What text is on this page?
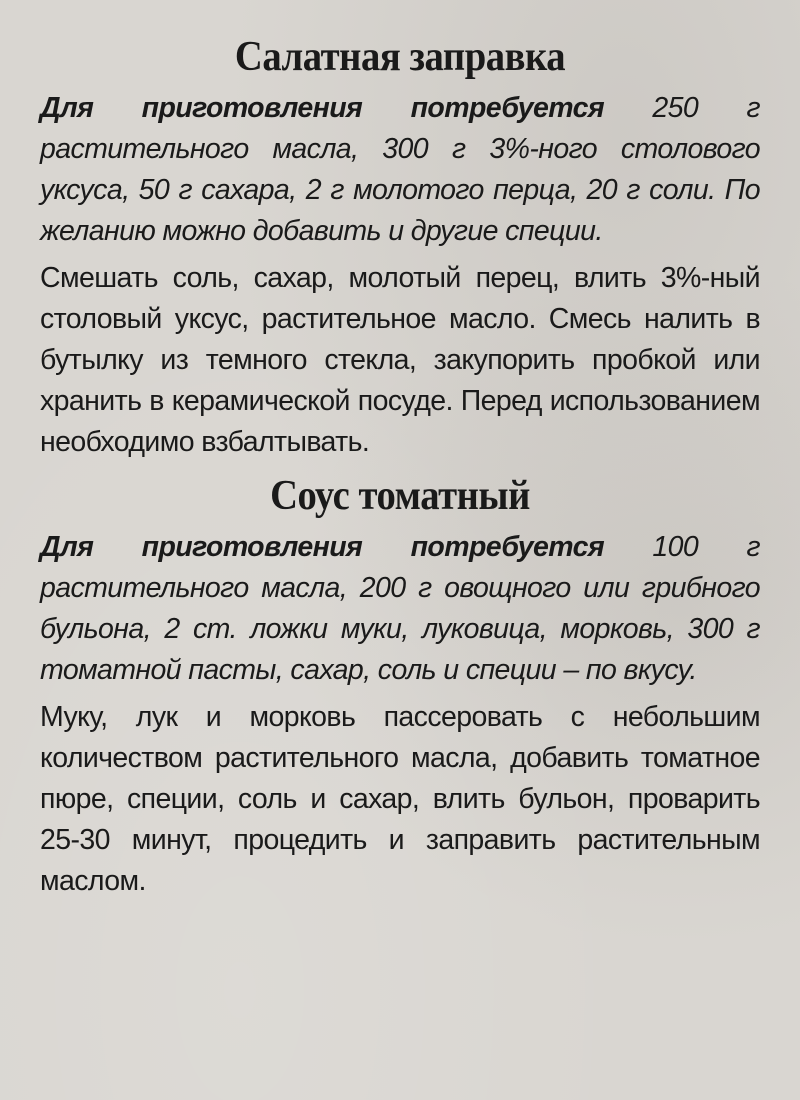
Салатная заправка

Для приготовления потребуется 250 г растительного масла, 300 г 3%-ного столового уксуса, 50 г сахара, 2 г молотого перца, 20 г соли. По желанию можно добавить и другие специи.

Смешать соль, сахар, молотый перец, влить 3%-ный столовый уксус, растительное масло. Смесь налить в бутылку из темного стекла, закупорить пробкой или хранить в керамической посуде. Перед использованием необходимо взбалтывать.

Соус томатный

Для приготовления потребуется 100 г растительного масла, 200 г овощного или грибного бульона, 2 ст. ложки муки, луковица, морковь, 300 г томатной пасты, сахар, соль и специи – по вкусу.

Муку, лук и морковь пассеровать с небольшим количеством растительного масла, добавить томатное пюре, специи, соль и сахар, влить бульон, проварить 25-30 минут, процедить и заправить растительным маслом.
